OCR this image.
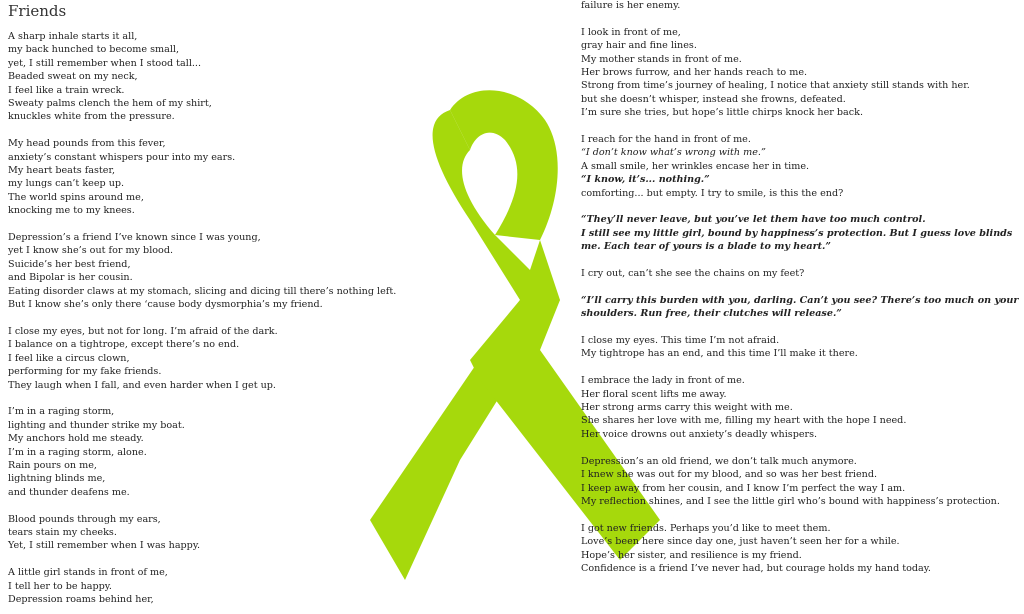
Friends
A sharp inhale starts it all,
my back hunched to become small,
yet, I still remember when I stood tall...
Beaded sweat on my neck,
I feel like a train wreck.
Sweaty palms clench the hem of my shirt,
knuckles white from the pressure.
My head pounds from this fever,
anxiety’s constant whispers pour into my ears.
My heart beats faster,
my lungs can’t keep up.
The world spins around me,
knocking me to my knees.
Depression’s a friend I’ve known since I was young,
yet I know she’s out for my blood.
Suicide’s her best friend,
and Bipolar is her cousin.
Eating disorder claws at my stomach, slicing and dicing till there’s nothing left.
But I know she’s only there ‘cause body dysmorphia’s my friend.
I close my eyes, but not for long. I’m afraid of the dark.
I balance on a tightrope, except there’s no end.
I feel like a circus clown,
performing for my fake friends.
They laugh when I fall, and even harder when I get up.
I’m in a raging storm,
lighting and thunder strike my boat.
My anchors hold me steady.
I’m in a raging storm, alone.
Rain pours on me,
lightning blinds me,
and thunder deafens me.
Blood pounds through my ears,
tears stain my cheeks.
Yet, I still remember when I was happy.
A little girl stands in front of me,
I tell her to be happy.
Depression roams behind her,
failure is her enemy.
I look in front of me,
gray hair and fine lines.
My mother stands in front of me.
Her brows furrow, and her hands reach to me.
Strong from time’s journey of healing, I notice that anxiety still stands with her.
but she doesn’t whisper, instead she frowns, defeated.
I’m sure she tries, but hope’s little chirps knock her back.
I reach for the hand in front of me.
“I don’t know what’s wrong with me.”
A small smile, her wrinkles encase her in time.
“I know, it’s... nothing.”
comforting... but empty. I try to smile, is this the end?
“They’ll never leave, but you’ve let them have too much control.
I still see my little girl, bound by happiness’s protection. But I guess love blinds
me. Each tear of yours is a blade to my heart.”
I cry out, can’t she see the chains on my feet?
“I’ll carry this burden with you, darling. Can’t you see? There’s too much on your
shoulders. Run free, their clutches will release.”
I close my eyes. This time I’m not afraid.
My tightrope has an end, and this time I’ll make it there.
I embrace the lady in front of me.
Her floral scent lifts me away.
Her strong arms carry this weight with me.
She shares her love with me, filling my heart with the hope I need.
Her voice drowns out anxiety’s deadly whispers.
Depression’s an old friend, we don’t talk much anymore.
I knew she was out for my blood, and so was her best friend.
I keep away from her cousin, and I know I’m perfect the way I am.
My reflection shines, and I see the little girl who’s bound with happiness’s protection.
I got new friends. Perhaps you’d like to meet them.
Love’s been here since day one, just haven’t seen her for a while.
Hope’s her sister, and resilience is my friend.
Confidence is a friend I’ve never had, but courage holds my hand today.
